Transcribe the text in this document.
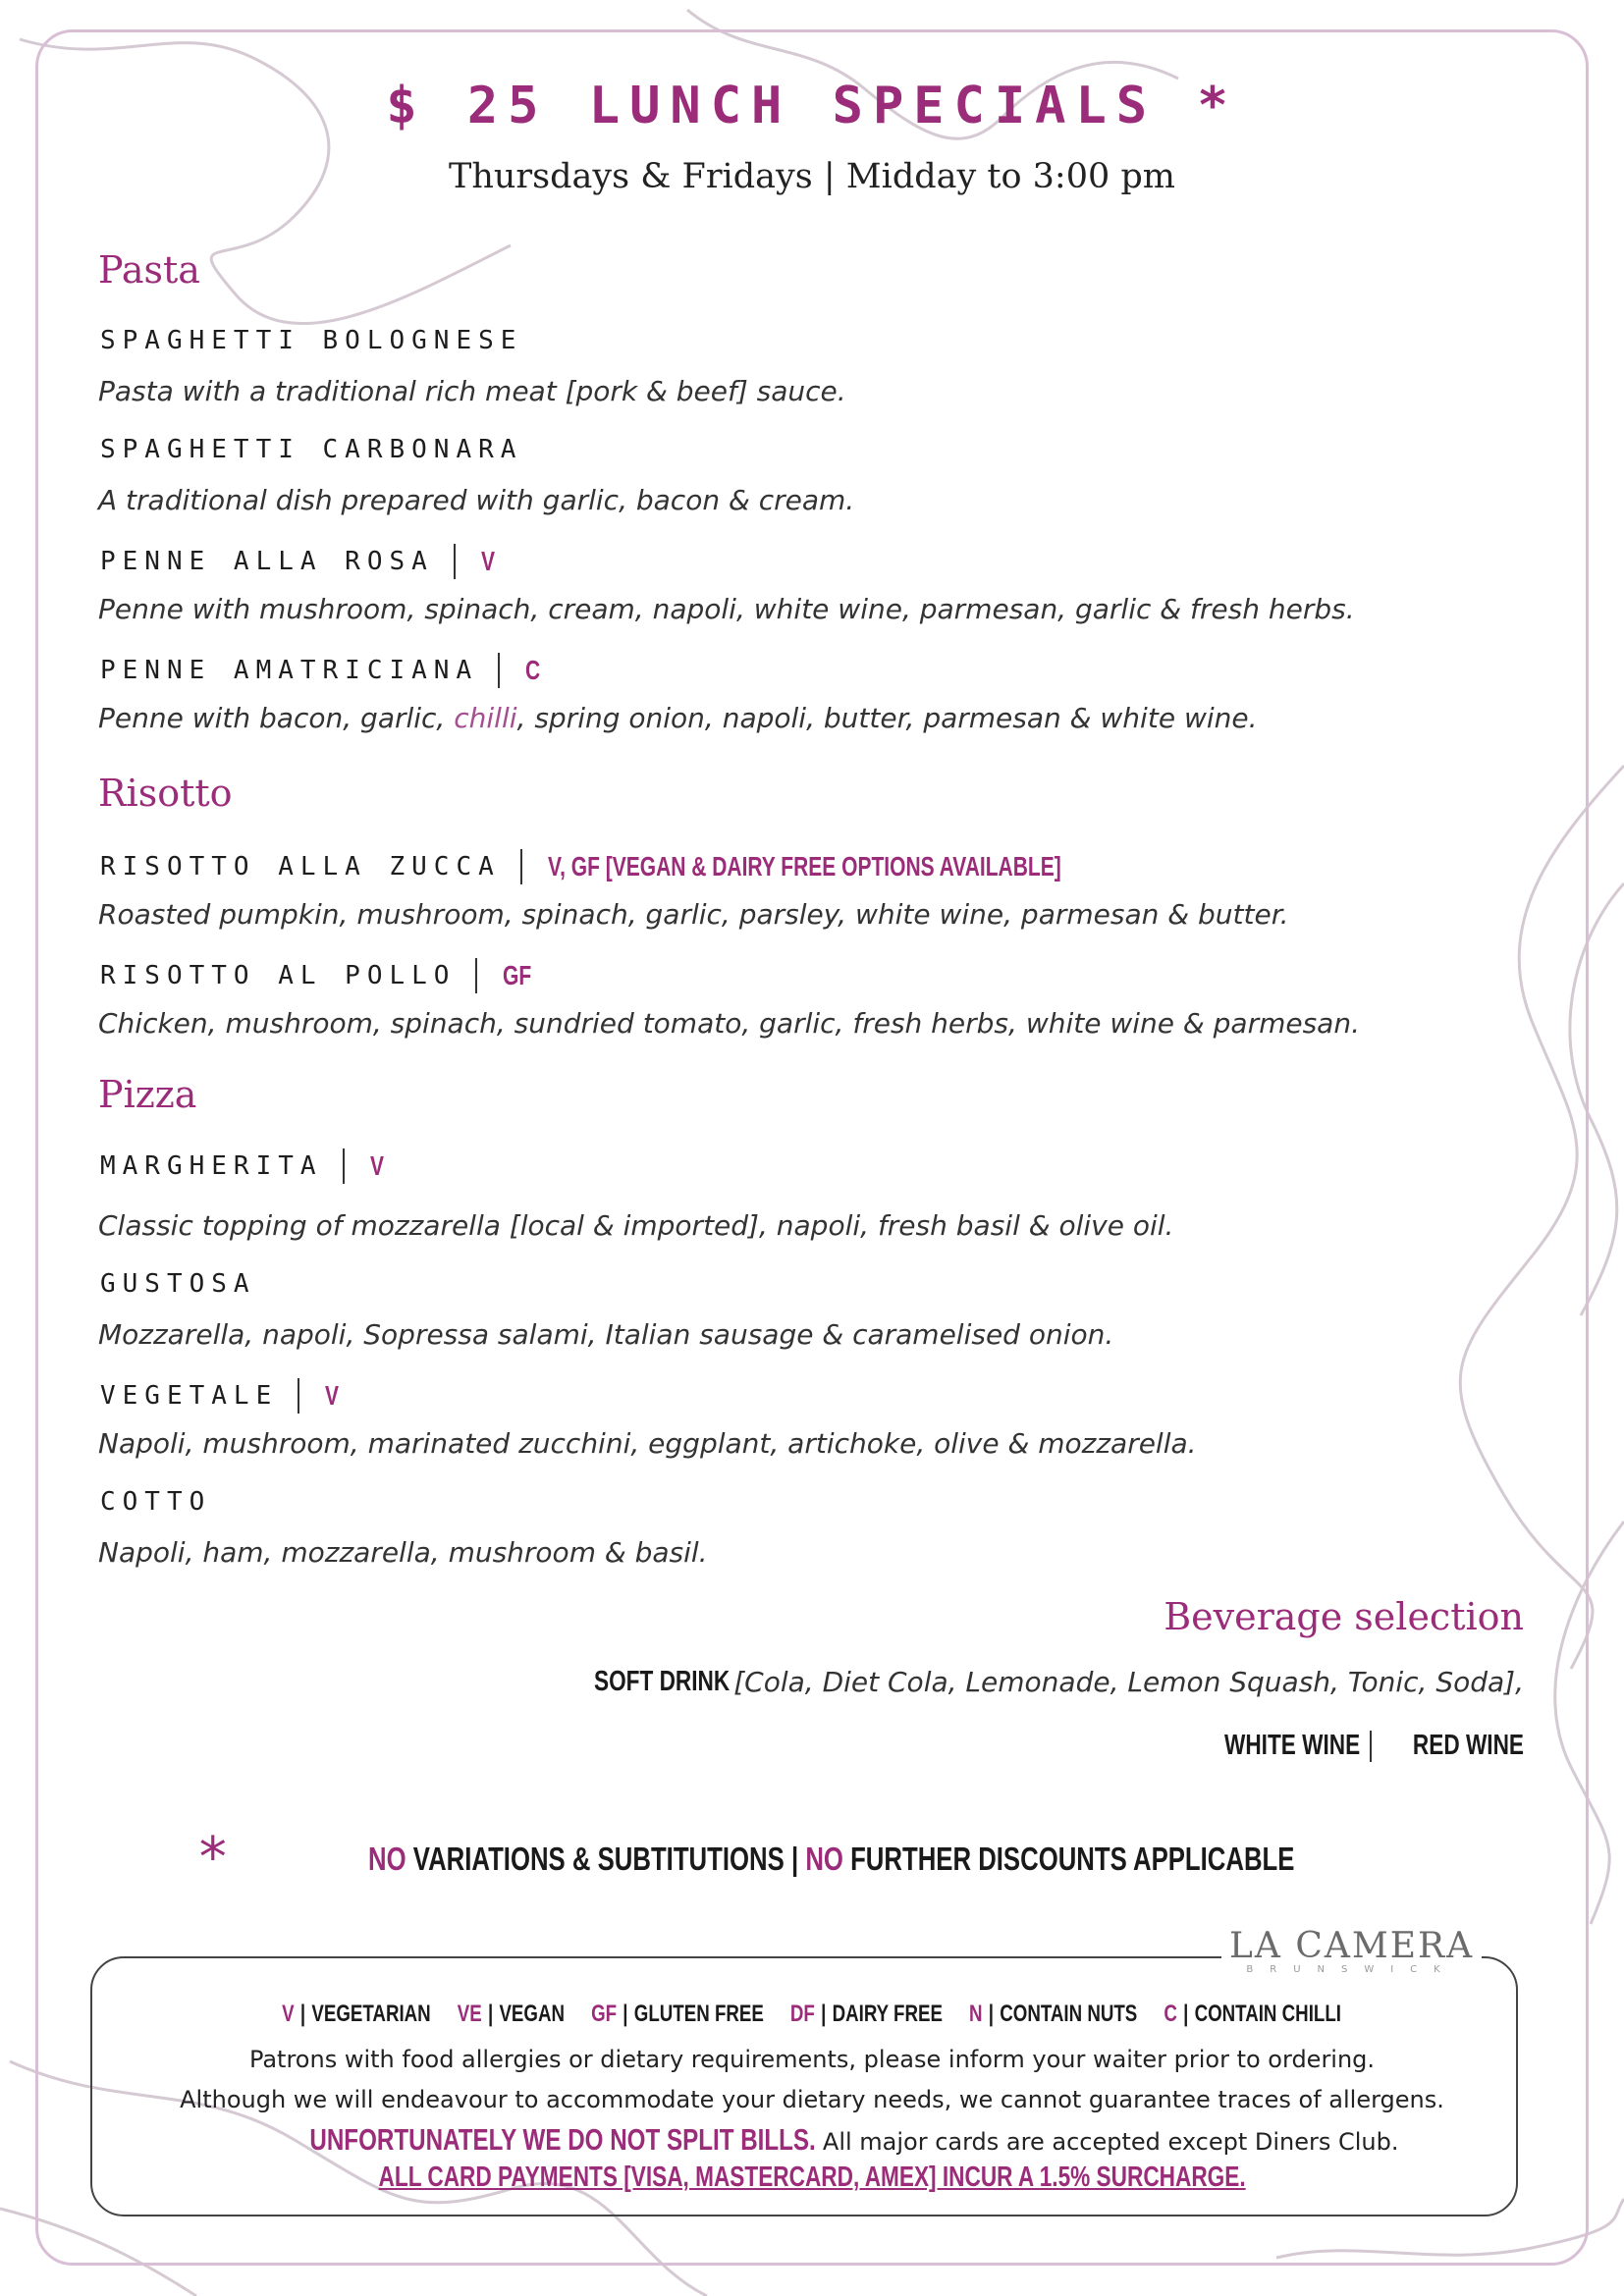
$ 25 LUNCH SPECIALS *
Thursdays & Fridays | Midday to 3:00 pm
Pasta
SPAGHETTI BOLOGNESE
Pasta with a traditional rich meat [pork & beef] sauce.
SPAGHETTI CARBONARA
A traditional dish prepared with garlic, bacon & cream.
PENNE ALLA ROSA V
Penne with mushroom, spinach, cream, napoli, white wine, parmesan, garlic & fresh herbs.
PENNE AMATRICIANA C
Penne with bacon, garlic, chilli, spring onion, napoli, butter, parmesan & white wine.
Risotto
RISOTTO ALLA ZUCCA V, GF [VEGAN & DAIRY FREE OPTIONS AVAILABLE]
Roasted pumpkin, mushroom, spinach, garlic, parsley, white wine, parmesan & butter.
RISOTTO AL POLLO GF
Chicken, mushroom, spinach, sundried tomato, garlic, fresh herbs, white wine & parmesan.
Pizza
MARGHERITA V
Classic topping of mozzarella [local & imported], napoli, fresh basil & olive oil.
GUSTOSA
Mozzarella, napoli, Sopressa salami, Italian sausage & caramelised onion.
VEGETALE V
Napoli, mushroom, marinated zucchini, eggplant, artichoke, olive & mozzarella.
COTTO
Napoli, ham, mozzarella, mushroom & basil.
Beverage selection
SOFT DRINK [Cola, Diet Cola, Lemonade, Lemon Squash, Tonic, Soda],
WHITE WINE RED WINE
*	NO VARIATIONS & SUBTITUTIONS | NO FURTHER DISCOUNTS APPLICABLE
LA CAMERA
BRUNSWICK
V | VEGETARIAN VE | VEGAN GF | GLUTEN FREE DF | DAIRY FREE N | CONTAIN NUTS C | CONTAIN CHILLI
Patrons with food allergies or dietary requirements, please inform your waiter prior to ordering.
Although we will endeavour to accommodate your dietary needs, we cannot guarantee traces of allergens.
UNFORTUNATELY WE DO NOT SPLIT BILLS. All major cards are accepted except Diners Club.
ALL CARD PAYMENTS [VISA, MASTERCARD, AMEX] INCUR A 1.5% SURCHARGE.
